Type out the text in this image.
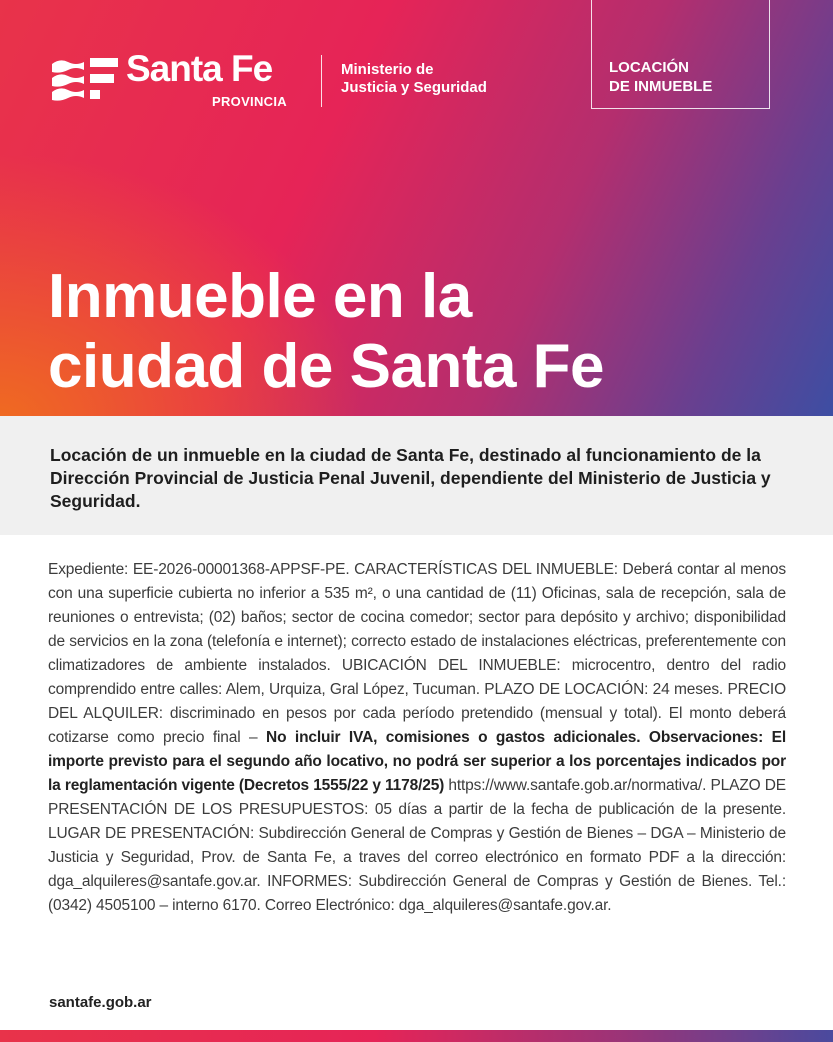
Santa Fe
PROVINCIA
Ministerio de
Justicia y Seguridad
LOCACIÓN
DE INMUEBLE
Inmueble en la
ciudad de Santa Fe

Locación de un inmueble en la ciudad de Santa Fe, destinado al funcionamiento de la Dirección Provincial de Justicia Penal Juvenil, dependiente del Ministerio de Justicia y Seguridad.

Expediente: EE-2026-00001368-APPSF-PE. CARACTERÍSTICAS DEL INMUEBLE: Deberá contar al menos con una superficie cubierta no inferior a 535 m², o una cantidad de (11) Oficinas, sala de recepción, sala de reuniones o entrevista; (02) baños; sector de cocina comedor; sector para depósito y archivo; disponibilidad de servicios en la zona (telefonía e internet); correcto estado de instalaciones eléctricas, preferentemente con climatizadores de ambiente instalados. UBICACIÓN DEL INMUEBLE: microcentro, dentro del radio comprendido entre calles: Alem, Urquiza, Gral López, Tucuman. PLAZO DE LOCACIÓN: 24 meses. PRECIO DEL ALQUILER: discriminado en pesos por cada período pretendido (mensual y total). El monto deberá cotizarse como precio final – No incluir IVA, comisiones o gastos adicionales. Observaciones: El importe previsto para el segundo año locativo, no podrá ser superior a los porcentajes indicados por la reglamentación vigente (Decretos 1555/22 y 1178/25) https://www.santafe.gob.ar/normativa/. PLAZO DE PRESENTACIÓN DE LOS PRESUPUESTOS: 05 días a partir de la fecha de publicación de la presente. LUGAR DE PRESENTACIÓN: Subdirección General de Compras y Gestión de Bienes – DGA – Ministerio de Justicia y Seguridad, Prov. de Santa Fe, a traves del correo electrónico en formato PDF a la dirección: dga_alquileres@santafe.gov.ar. INFORMES: Subdirección General de Compras y Gestión de Bienes. Tel.: (0342) 4505100 – interno 6170. Correo Electrónico: dga_alquileres@santafe.gov.ar.

santafe.gob.ar
